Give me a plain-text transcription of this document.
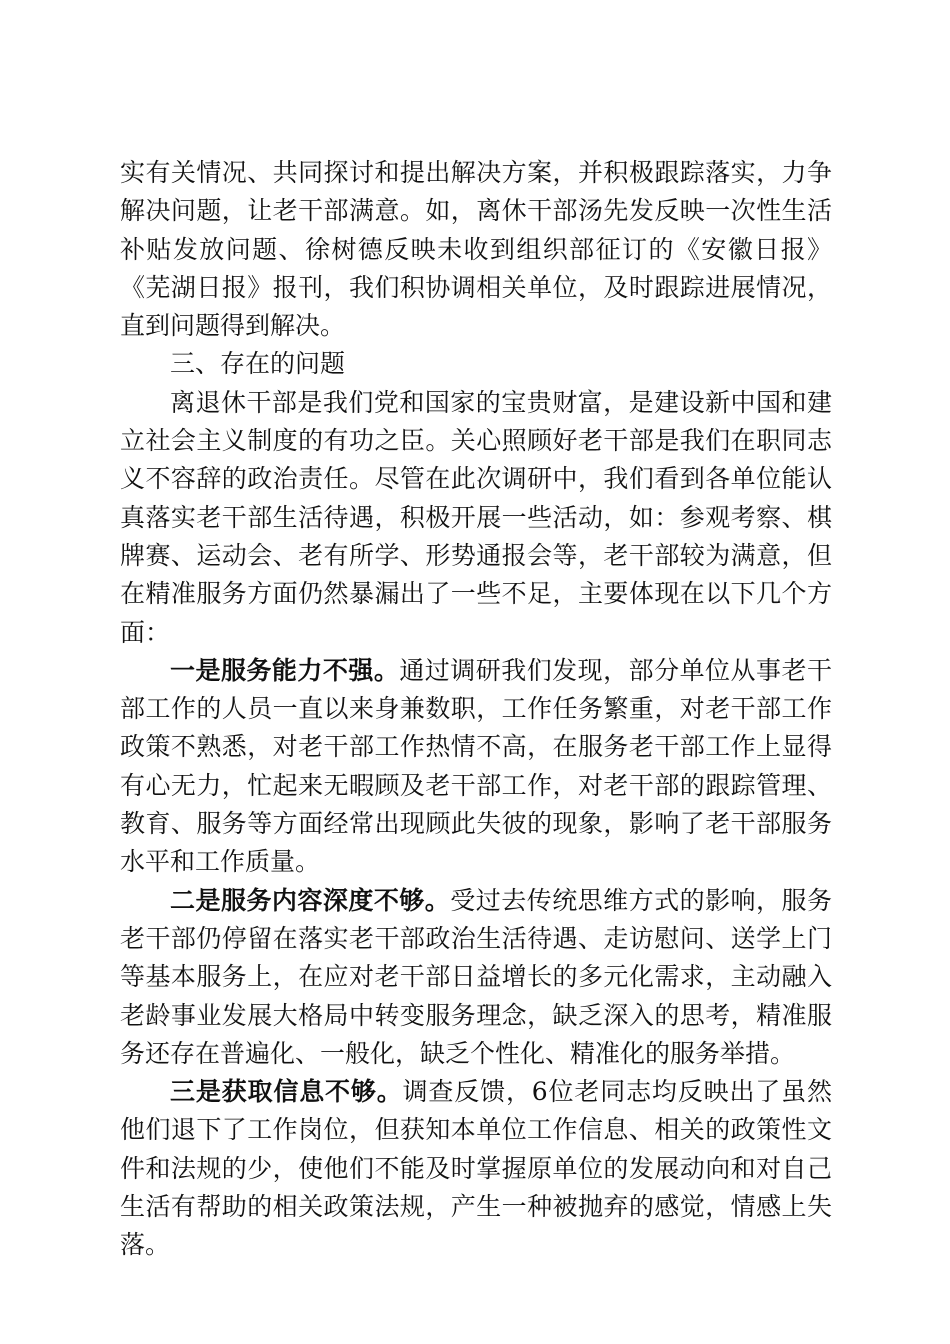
实有关情况、共同探讨和提出解决方案，并积极跟踪落实，力争解决问题，让老干部满意。如，离休干部汤先发反映一次性生活补贴发放问题、徐树德反映未收到组织部征订的《安徽日报》《芜湖日报》报刊，我们积协调相关单位，及时跟踪进展情况，直到问题得到解决。

三、存在的问题

离退休干部是我们党和国家的宝贵财富，是建设新中国和建立社会主义制度的有功之臣。关心照顾好老干部是我们在职同志义不容辞的政治责任。尽管在此次调研中，我们看到各单位能认真落实老干部生活待遇，积极开展一些活动，如：参观考察、棋牌赛、运动会、老有所学、形势通报会等，老干部较为满意，但在精准服务方面仍然暴漏出了一些不足，主要体现在以下几个方面：

一是服务能力不强。通过调研我们发现，部分单位从事老干部工作的人员一直以来身兼数职，工作任务繁重，对老干部工作政策不熟悉，对老干部工作热情不高，在服务老干部工作上显得有心无力，忙起来无暇顾及老干部工作，对老干部的跟踪管理、教育、服务等方面经常出现顾此失彼的现象，影响了老干部服务水平和工作质量。

二是服务内容深度不够。受过去传统思维方式的影响，服务老干部仍停留在落实老干部政治生活待遇、走访慰问、送学上门等基本服务上，在应对老干部日益增长的多元化需求，主动融入老龄事业发展大格局中转变服务理念，缺乏深入的思考，精准服务还存在普遍化、一般化，缺乏个性化、精准化的服务举措。

三是获取信息不够。调查反馈，6位老同志均反映出了虽然他们退下了工作岗位，但获知本单位工作信息、相关的政策性文件和法规的少，使他们不能及时掌握原单位的发展动向和对自己生活有帮助的相关政策法规，产生一种被抛弃的感觉，情感上失落。
